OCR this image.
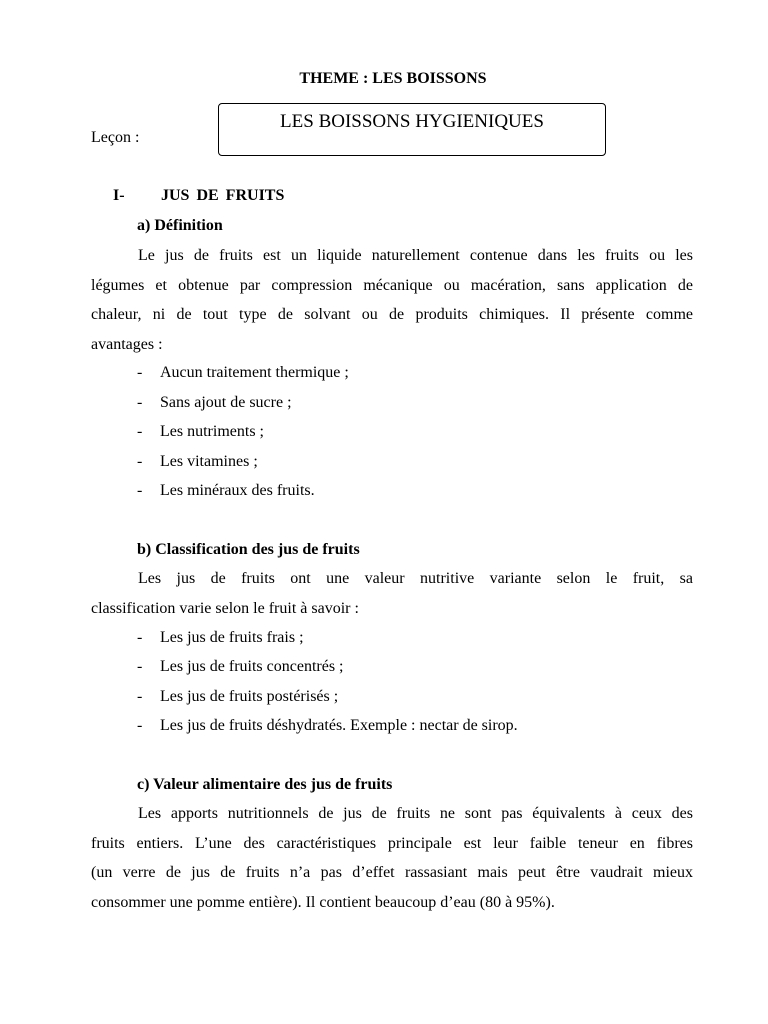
THEME : LES BOISSONS
Leçon :
LES BOISSONS HYGIENIQUES
I- JUS DE FRUITS
a) Définition
Le jus de fruits est un liquide naturellement contenue dans les fruits ou les
légumes et obtenue par compression mécanique ou macération, sans application de
chaleur, ni de tout type de solvant ou de produits chimiques. Il présente comme
avantages :
- Aucun traitement thermique ;
- Sans ajout de sucre ;
- Les nutriments ;
- Les vitamines ;
- Les minéraux des fruits.
b) Classification des jus de fruits
Les jus de fruits ont une valeur nutritive variante selon le fruit, sa
classification varie selon le fruit à savoir :
- Les jus de fruits frais ;
- Les jus de fruits concentrés ;
- Les jus de fruits postérisés ;
- Les jus de fruits déshydratés. Exemple : nectar de sirop.
c) Valeur alimentaire des jus de fruits
Les apports nutritionnels de jus de fruits ne sont pas équivalents à ceux des
fruits entiers. L’une des caractéristiques principale est leur faible teneur en fibres
(un verre de jus de fruits n’a pas d’effet rassasiant mais peut être vaudrait mieux
consommer une pomme entière). Il contient beaucoup d’eau (80 à 95%).
